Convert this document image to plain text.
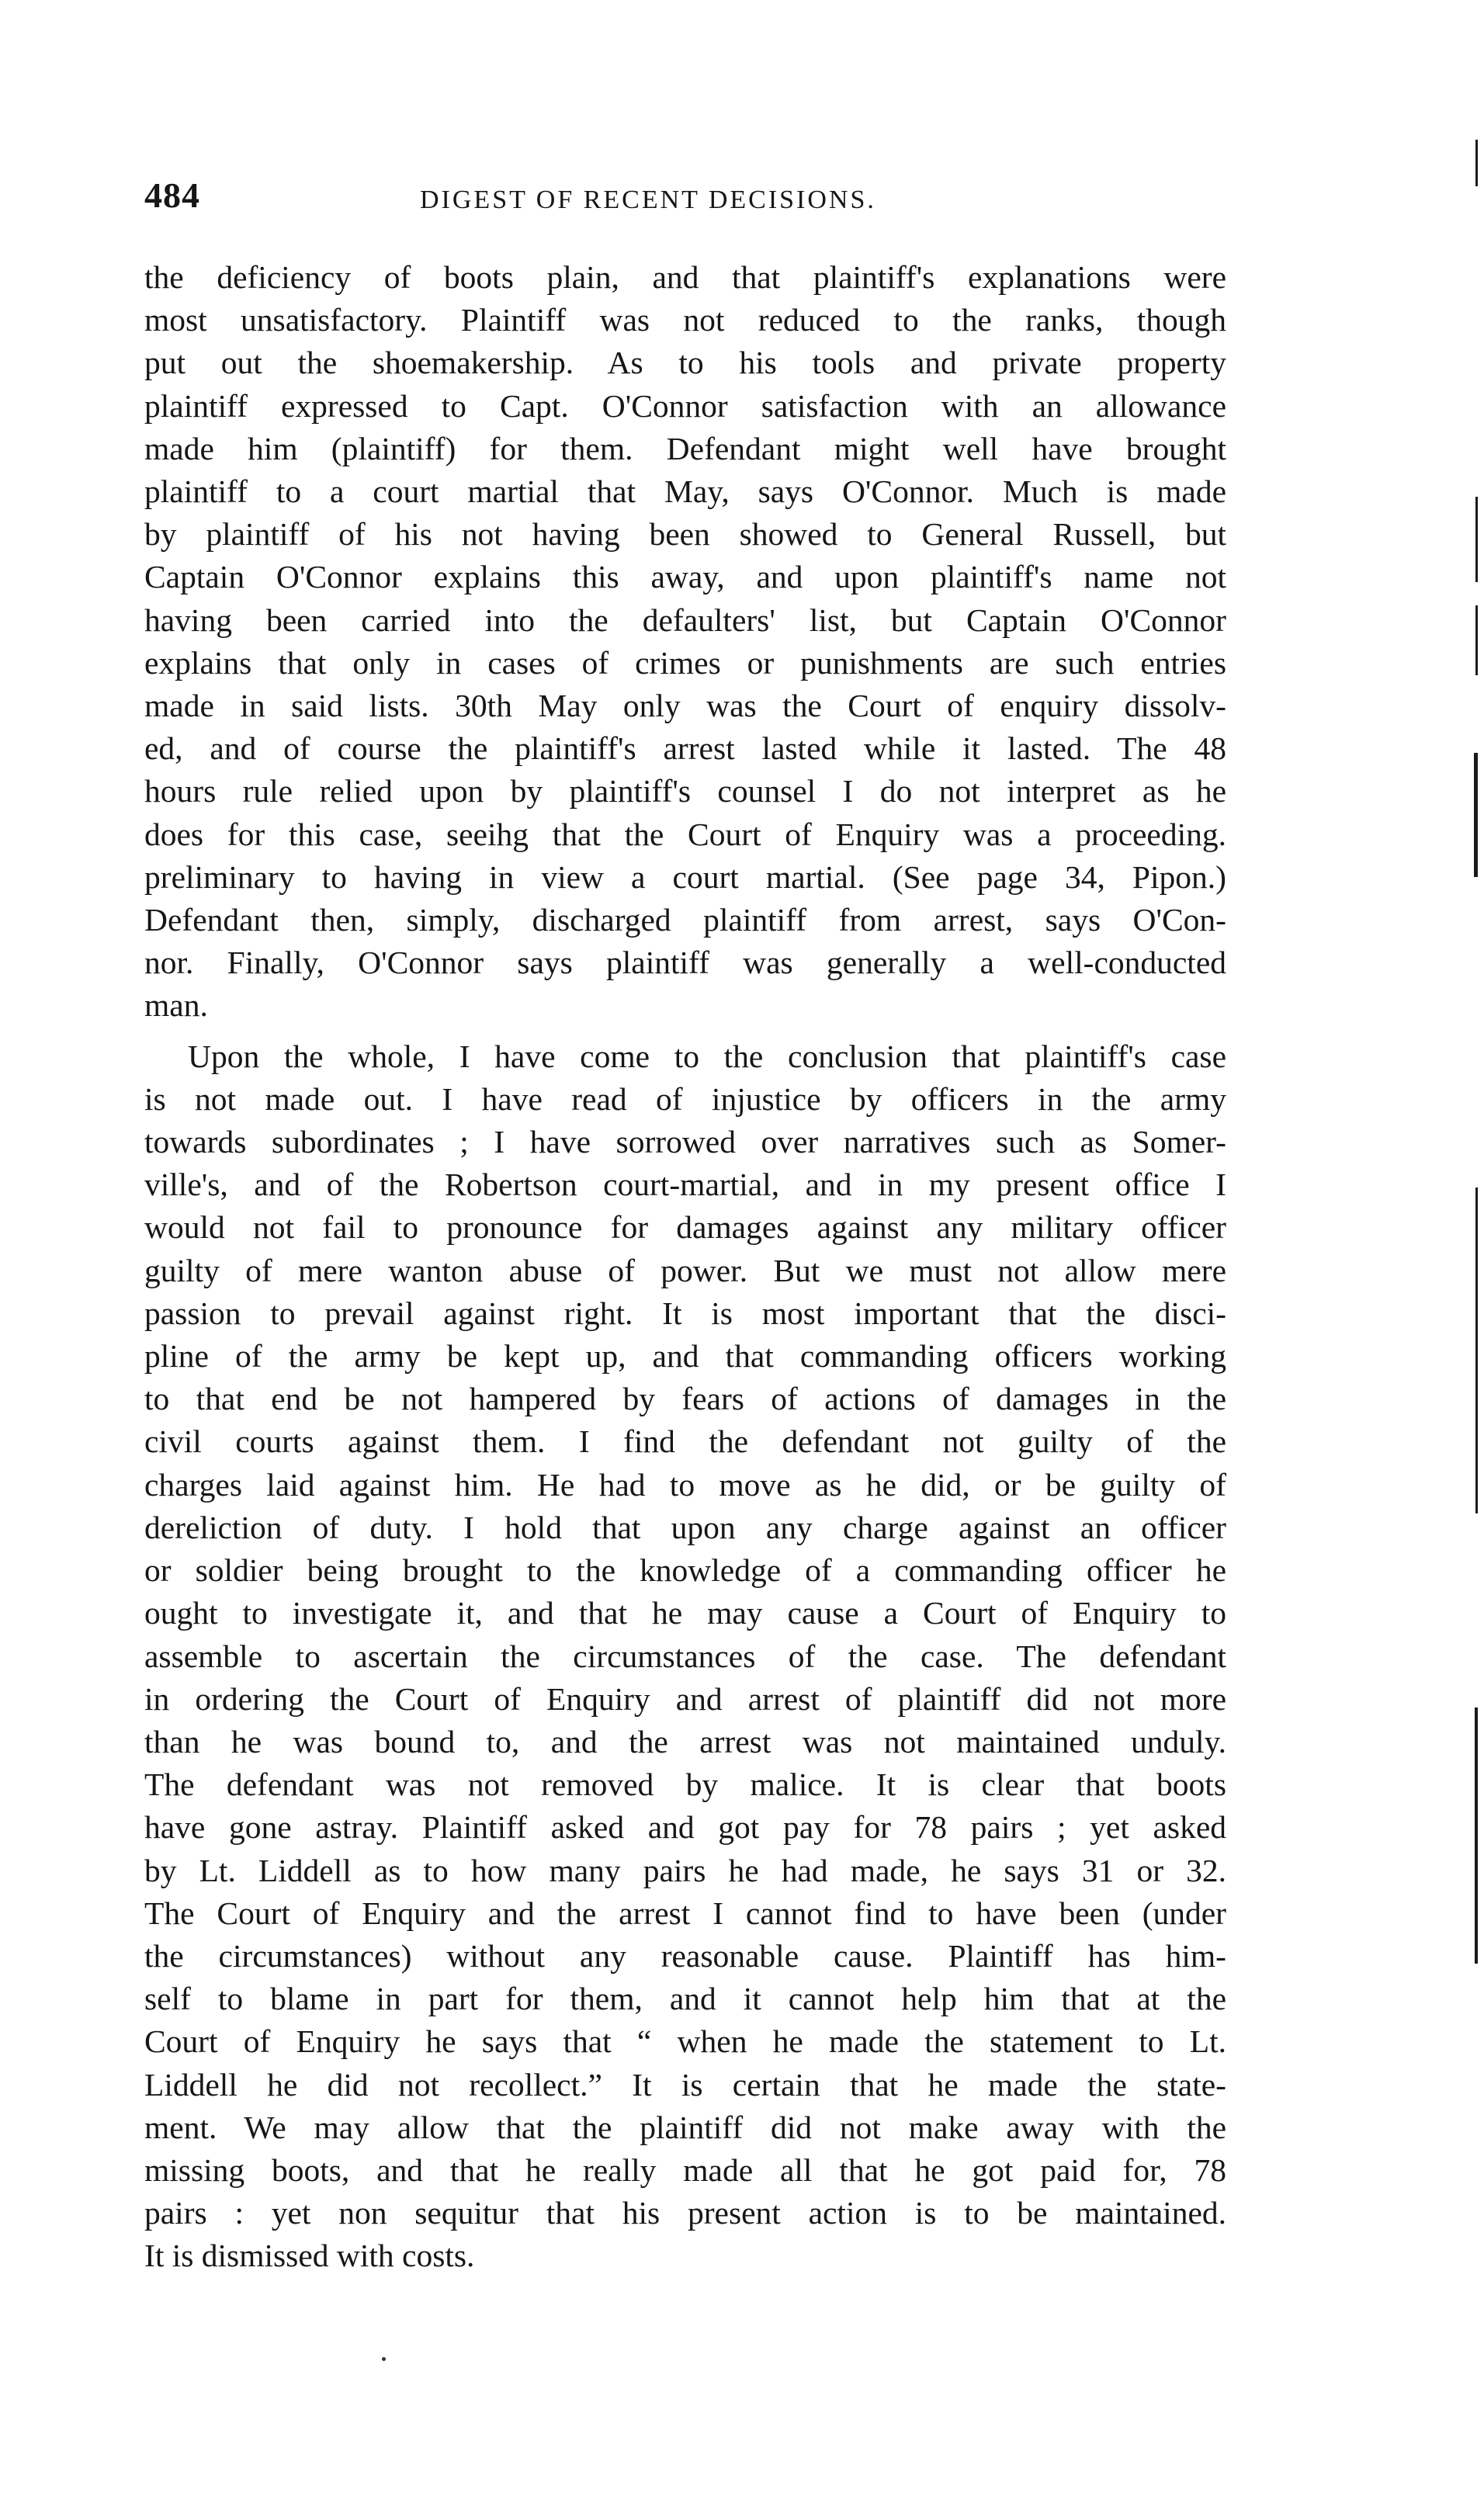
484	DIGEST OF RECENT DECISIONS.
the deficiency of boots plain, and that plaintiff's explanations were
most unsatisfactory. Plaintiff was not reduced to the ranks, though
put out the shoemakership. As to his tools and private property
plaintiff expressed to Capt. O'Connor satisfaction with an allowance
made him (plaintiff) for them. Defendant might well have brought
plaintiff to a court martial that May, says O'Connor. Much is made
by plaintiff of his not having been showed to General Russell, but
Captain O'Connor explains this away, and upon plaintiff's name not
having been carried into the defaulters' list, but Captain O'Connor
explains that only in cases of crimes or punishments are such entries
made in said lists. 30th May only was the Court of enquiry dissolv-
ed, and of course the plaintiff's arrest lasted while it lasted. The 48
hours rule relied upon by plaintiff's counsel I do not interpret as he
does for this case, seeihg that the Court of Enquiry was a proceeding.
preliminary to having in view a court martial. (See page 34, Pipon.)
Defendant then, simply, discharged plaintiff from arrest, says O'Con-
nor. Finally, O'Connor says plaintiff was generally a well-conducted
man.
Upon the whole, I have come to the conclusion that plaintiff's case
is not made out. I have read of injustice by officers in the army
towards subordinates ; I have sorrowed over narratives such as Somer-
ville's, and of the Robertson court-martial, and in my present office I
would not fail to pronounce for damages against any military officer
guilty of mere wanton abuse of power. But we must not allow mere
passion to prevail against right. It is most important that the disci-
pline of the army be kept up, and that commanding officers working
to that end be not hampered by fears of actions of damages in the
civil courts against them. I find the defendant not guilty of the
charges laid against him. He had to move as he did, or be guilty of
dereliction of duty. I hold that upon any charge against an officer
or soldier being brought to the knowledge of a commanding officer he
ought to investigate it, and that he may cause a Court of Enquiry to
assemble to ascertain the circumstances of the case. The defendant
in ordering the Court of Enquiry and arrest of plaintiff did not more
than he was bound to, and the arrest was not maintained unduly.
The defendant was not removed by malice. It is clear that boots
have gone astray. Plaintiff asked and got pay for 78 pairs ; yet asked
by Lt. Liddell as to how many pairs he had made, he says 31 or 32.
The Court of Enquiry and the arrest I cannot find to have been (under
the circumstances) without any reasonable cause. Plaintiff has him-
self to blame in part for them, and it cannot help him that at the
Court of Enquiry he says that “ when he made the statement to Lt.
Liddell he did not recollect.” It is certain that he made the state-
ment. We may allow that the plaintiff did not make away with the
missing boots, and that he really made all that he got paid for, 78
pairs : yet non sequitur that his present action is to be maintained.
It is dismissed with costs.
